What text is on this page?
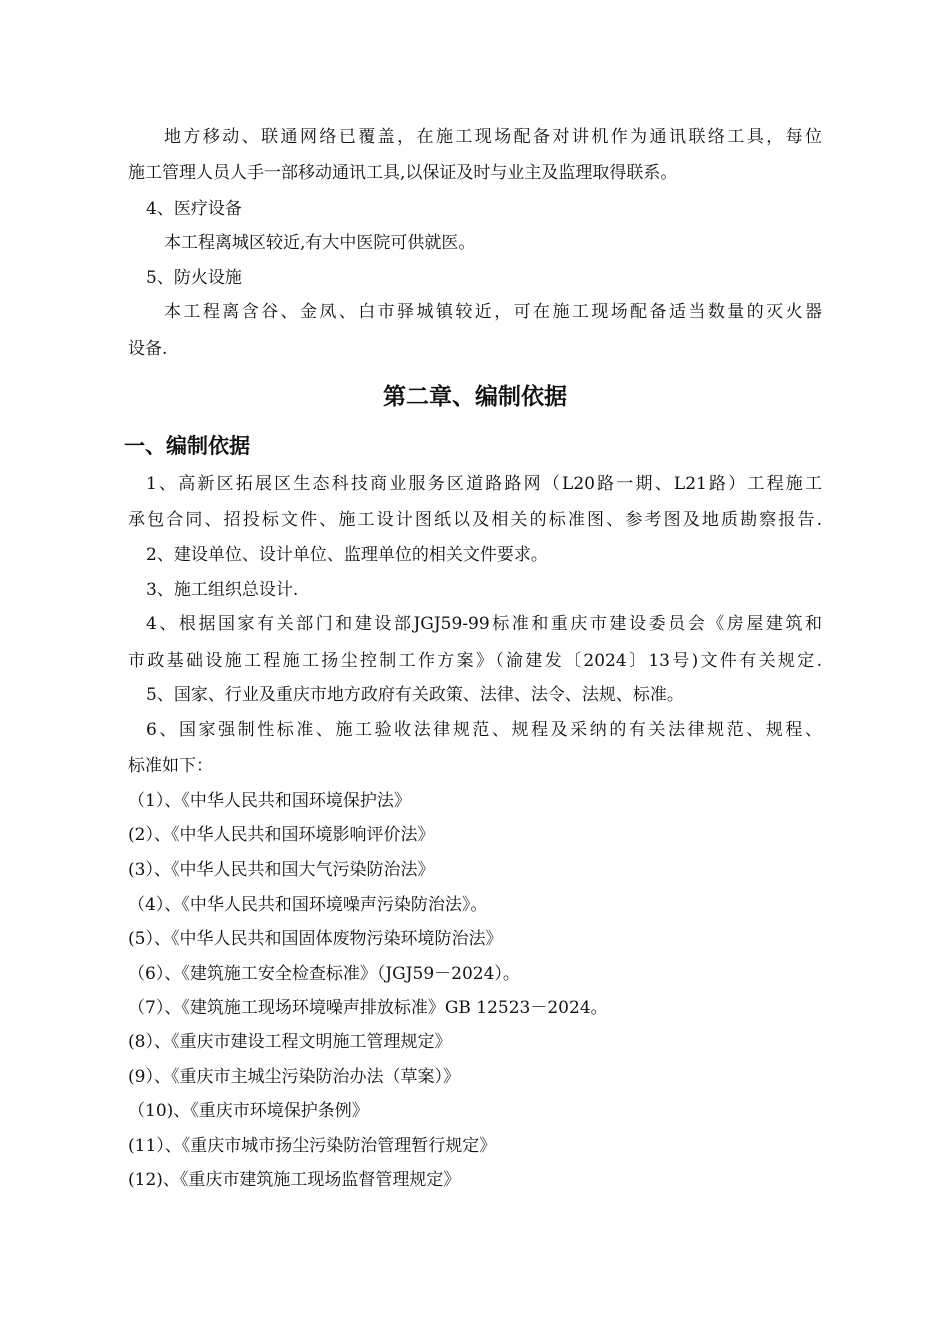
地方移动、联通网络已覆盖，在施工现场配备对讲机作为通讯联络工具，每位
施工管理人员人手一部移动通讯工具,以保证及时与业主及监理取得联系。
4、医疗设备
本工程离城区较近,有大中医院可供就医。
5、防火设施
本工程离含谷、金凤、白市驿城镇较近，可在施工现场配备适当数量的灭火器
设备.
第二章、编制依据
一、编制依据
1、高新区拓展区生态科技商业服务区道路路网（L20路一期、L21路）工程施工
承包合同、招投标文件、施工设计图纸以及相关的标准图、参考图及地质勘察报告.
2、建设单位、设计单位、监理单位的相关文件要求。
3、施工组织总设计.
4、根据国家有关部门和建设部JGJ59-99标准和重庆市建设委员会《房屋建筑和
市政基础设施工程施工扬尘控制工作方案》（渝建发〔2024〕13号)文件有关规定.
5、国家、行业及重庆市地方政府有关政策、法律、法令、法规、标准。
6、国家强制性标准、施工验收法律规范、规程及采纳的有关法律规范、规程、
标准如下：
（1）、《中华人民共和国环境保护法》
(2）、《中华人民共和国环境影响评价法》
(3）、《中华人民共和国大气污染防治法》
（4）、《中华人民共和国环境噪声污染防治法》。
(5）、《中华人民共和国固体废物污染环境防治法》
（6）、《建筑施工安全检查标准》（JGJ59－2024）。
（7）、《建筑施工现场环境噪声排放标准》GB 12523－2024。
(8）、《重庆市建设工程文明施工管理规定》
(9）、《重庆市主城尘污染防治办法（草案）》
（10)、《重庆市环境保护条例》
(11）、《重庆市城市扬尘污染防治管理暂行规定》
(12)、《重庆市建筑施工现场监督管理规定》
